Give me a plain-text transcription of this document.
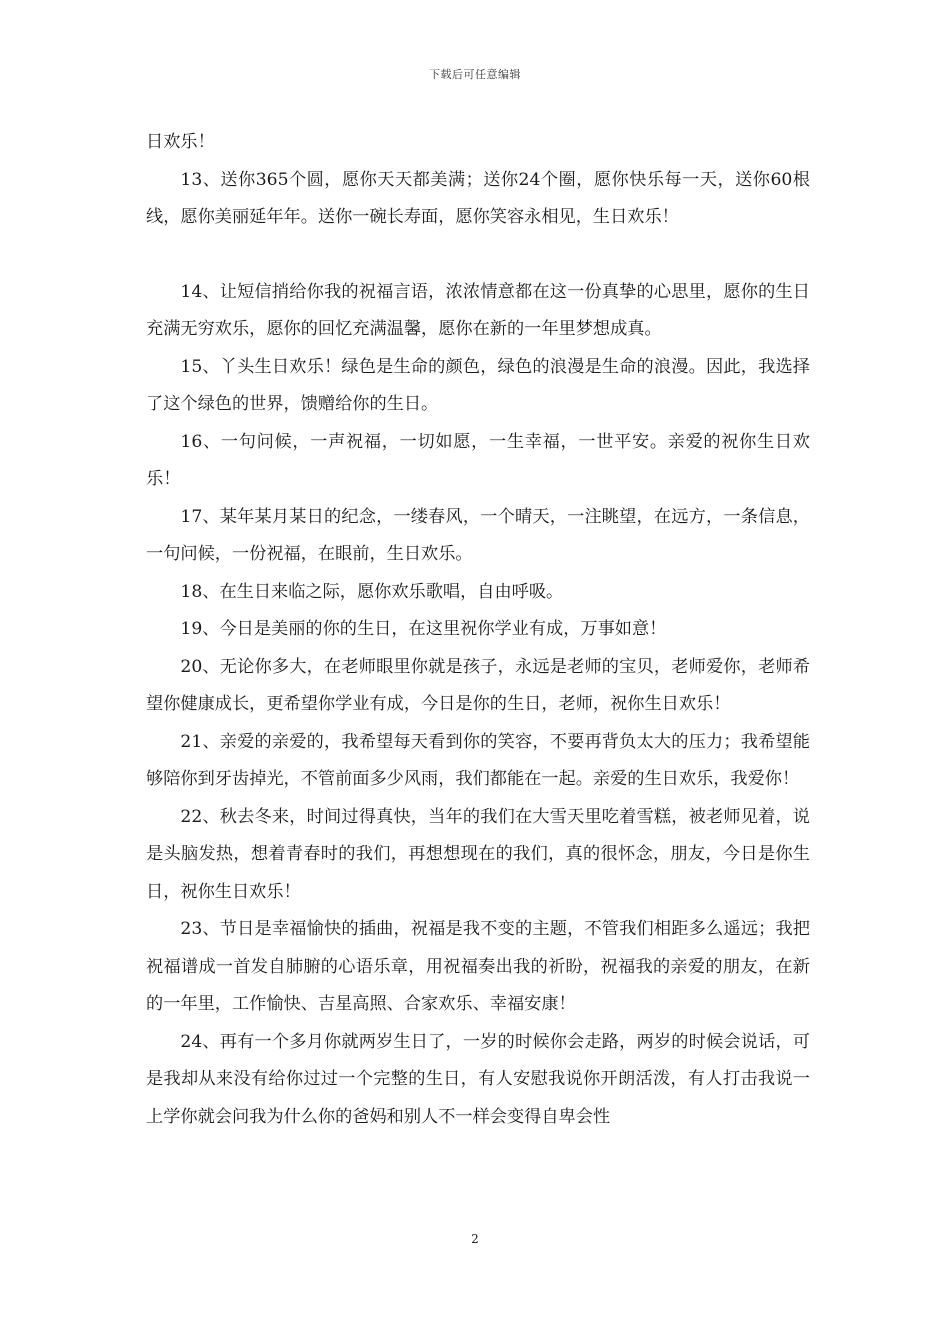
下载后可任意编辑

日欢乐！

13、送你365个圆，愿你天天都美满；送你24个圈，愿你快乐每一天，送你60根线，愿你美丽延年年。送你一碗长寿面，愿你笑容永相见，生日欢乐！

14、让短信捎给你我的祝福言语，浓浓情意都在这一份真挚的心思里，愿你的生日充满无穷欢乐，愿你的回忆充满温馨，愿你在新的一年里梦想成真。

15、丫头生日欢乐！绿色是生命的颜色，绿色的浪漫是生命的浪漫。因此，我选择了这个绿色的世界，馈赠给你的生日。

16、一句问候，一声祝福，一切如愿，一生幸福，一世平安。亲爱的祝你生日欢乐！

17、某年某月某日的纪念，一缕春风，一个晴天，一注眺望，在远方，一条信息，一句问候，一份祝福，在眼前，生日欢乐。

18、在生日来临之际，愿你欢乐歌唱，自由呼吸。

19、今日是美丽的你的生日，在这里祝你学业有成，万事如意！

20、无论你多大，在老师眼里你就是孩子，永远是老师的宝贝，老师爱你，老师希望你健康成长，更希望你学业有成，今日是你的生日，老师，祝你生日欢乐！

21、亲爱的亲爱的，我希望每天看到你的笑容，不要再背负太大的压力；我希望能够陪你到牙齿掉光，不管前面多少风雨，我们都能在一起。亲爱的生日欢乐，我爱你！

22、秋去冬来，时间过得真快，当年的我们在大雪天里吃着雪糕，被老师见着，说是头脑发热，想着青春时的我们，再想想现在的我们，真的很怀念，朋友，今日是你生日，祝你生日欢乐！

23、节日是幸福愉快的插曲，祝福是我不变的主题，不管我们相距多么遥远；我把祝福谱成一首发自肺腑的心语乐章，用祝福奏出我的祈盼，祝福我的亲爱的朋友，在新的一年里，工作愉快、吉星高照、合家欢乐、幸福安康！

24、再有一个多月你就两岁生日了，一岁的时候你会走路，两岁的时候会说话，可是我却从来没有给你过过一个完整的生日，有人安慰我说你开朗活泼，有人打击我说一上学你就会问我为什么你的爸妈和别人不一样会变得自卑会性

2
